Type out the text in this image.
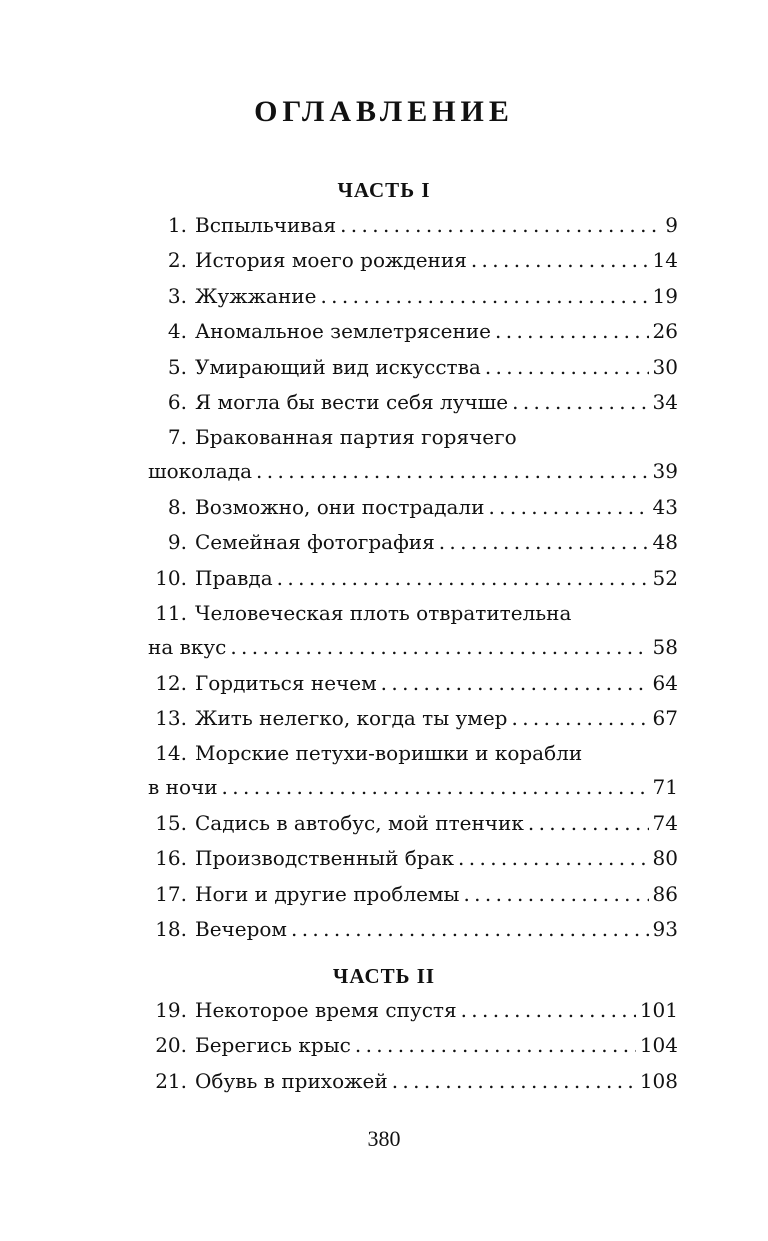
ОГЛАВЛЕНИЕ
ЧАСТЬ I
1. Вспыльчивая . . .	9
2. История моего рождения . . .	14
3. Жужжание . . .	19
4. Аномальное землетрясение . . .	26
5. Умирающий вид искусства . . .	30
6. Я могла бы вести себя лучше . . .	34
7. Бракованная партия горячего
шоколада . . .	39
8. Возможно, они пострадали . . .	43
9. Семейная фотография . . .	48
10. Правда . . .	52
11. Человеческая плоть отвратительна
на вкус . . .	58
12. Гордиться нечем . . .	64
13. Жить нелегко, когда ты умер . . .	67
14. Морские петухи-воришки и корабли
в ночи . . .	71
15. Садись в автобус, мой птенчик . . .	74
16. Производственный брак . . .	80
17. Ноги и другие проблемы . . .	86
18. Вечером . . .	93
ЧАСТЬ II
19. Некоторое время спустя . . .	101
20. Берегись крыс . . .	104
21. Обувь в прихожей . . .	108
380
